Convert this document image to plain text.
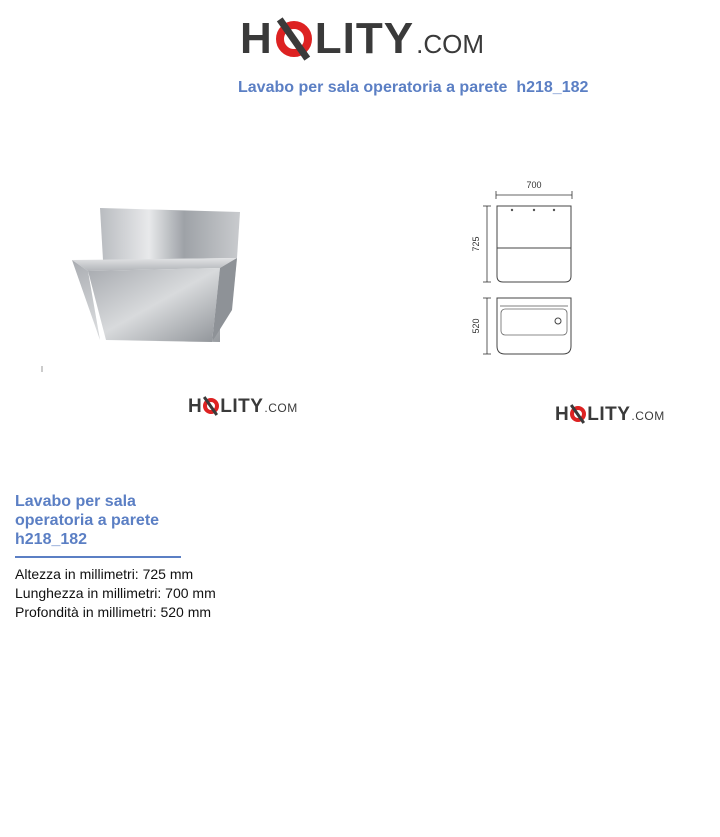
H LITY .COM
Lavabo per sala operatoria a parete  h218_182
H LITY .COM
700
725
520
H LITY .COM
Lavabo per sala
operatoria a parete
h218_182
Altezza in millimetri: 725 mm
Lunghezza in millimetri: 700 mm
Profondità in millimetri: 520 mm
